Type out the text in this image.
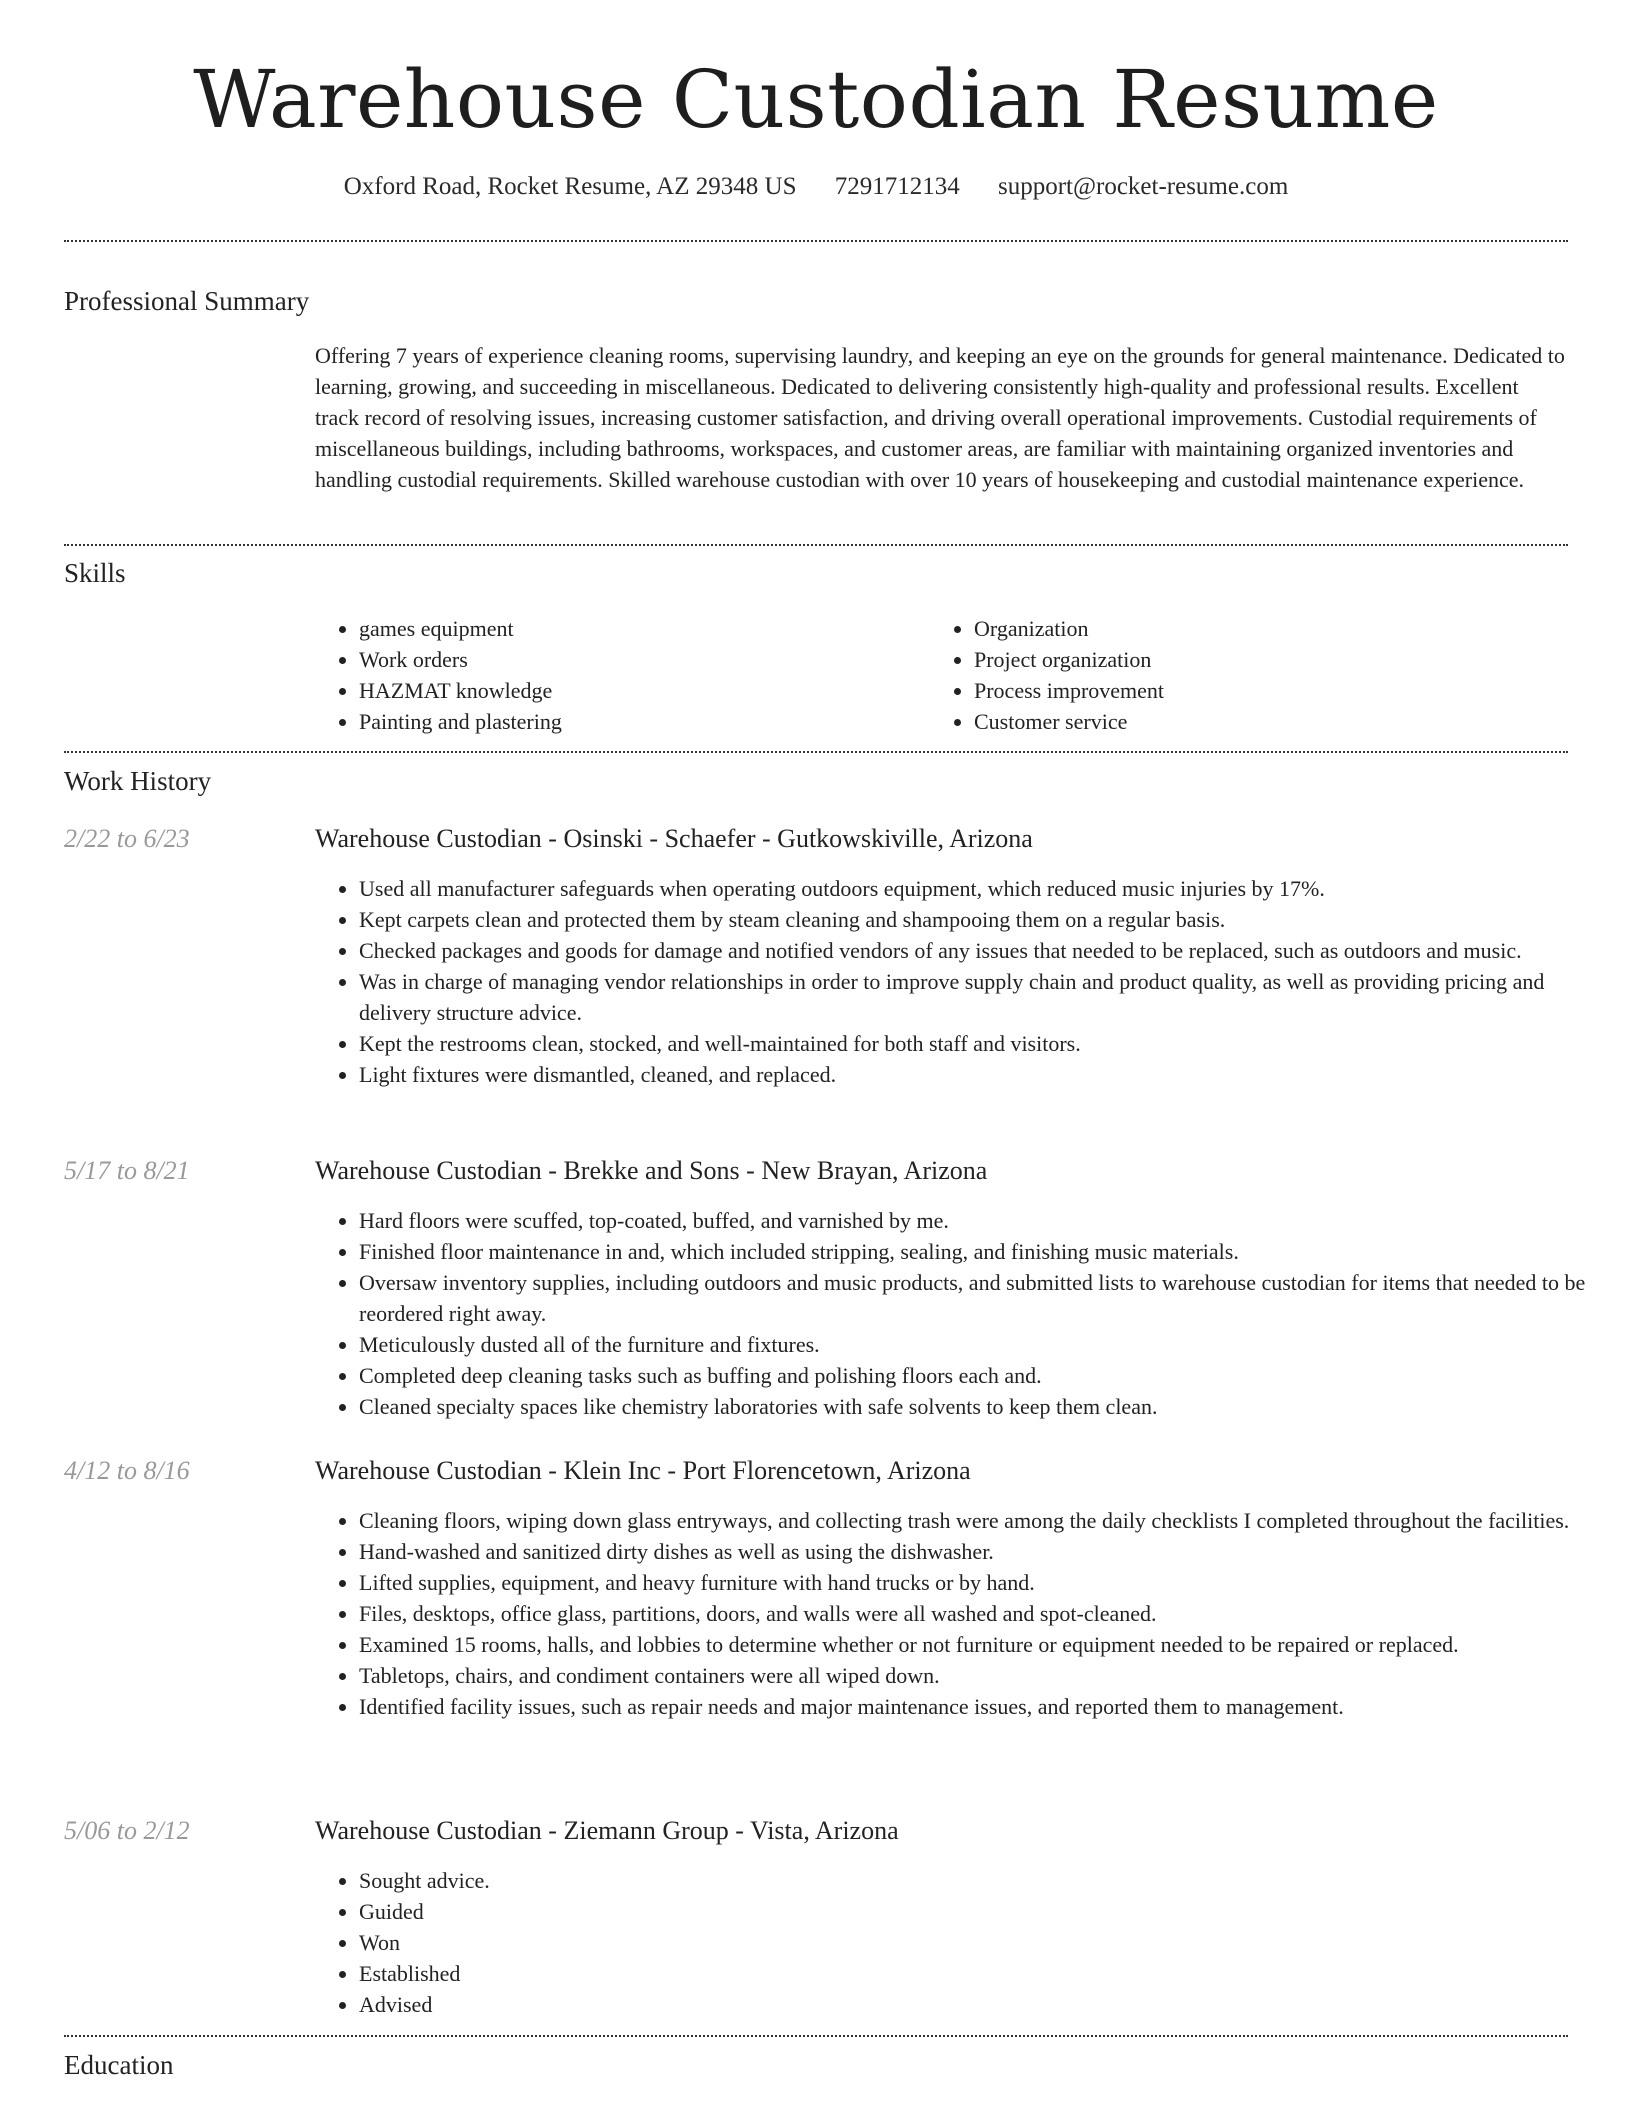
Warehouse Custodian Resume
Oxford Road, Rocket Resume, AZ 29348 US 7291712134 support@rocket-resume.com
Professional Summary
Offering 7 years of experience cleaning rooms, supervising laundry, and keeping an eye on the grounds for general maintenance. Dedicated to learning, growing, and succeeding in miscellaneous. Dedicated to delivering consistently high-quality and professional results. Excellent track record of resolving issues, increasing customer satisfaction, and driving overall operational improvements. Custodial requirements of miscellaneous buildings, including bathrooms, workspaces, and customer areas, are familiar with maintaining organized inventories and handling custodial requirements. Skilled warehouse custodian with over 10 years of housekeeping and custodial maintenance experience.
Skills
• games equipment
• Work orders
• HAZMAT knowledge
• Painting and plastering
• Organization
• Project organization
• Process improvement
• Customer service
Work History
2/22 to 6/23	Warehouse Custodian - Osinski - Schaefer - Gutkowskiville, Arizona
• Used all manufacturer safeguards when operating outdoors equipment, which reduced music injuries by 17%.
• Kept carpets clean and protected them by steam cleaning and shampooing them on a regular basis.
• Checked packages and goods for damage and notified vendors of any issues that needed to be replaced, such as outdoors and music.
• Was in charge of managing vendor relationships in order to improve supply chain and product quality, as well as providing pricing and delivery structure advice.
• Kept the restrooms clean, stocked, and well-maintained for both staff and visitors.
• Light fixtures were dismantled, cleaned, and replaced.
5/17 to 8/21	Warehouse Custodian - Brekke and Sons - New Brayan, Arizona
• Hard floors were scuffed, top-coated, buffed, and varnished by me.
• Finished floor maintenance in and, which included stripping, sealing, and finishing music materials.
• Oversaw inventory supplies, including outdoors and music products, and submitted lists to warehouse custodian for items that needed to be reordered right away.
• Meticulously dusted all of the furniture and fixtures.
• Completed deep cleaning tasks such as buffing and polishing floors each and.
• Cleaned specialty spaces like chemistry laboratories with safe solvents to keep them clean.
4/12 to 8/16	Warehouse Custodian - Klein Inc - Port Florencetown, Arizona
• Cleaning floors, wiping down glass entryways, and collecting trash were among the daily checklists I completed throughout the facilities.
• Hand-washed and sanitized dirty dishes as well as using the dishwasher.
• Lifted supplies, equipment, and heavy furniture with hand trucks or by hand.
• Files, desktops, office glass, partitions, doors, and walls were all washed and spot-cleaned.
• Examined 15 rooms, halls, and lobbies to determine whether or not furniture or equipment needed to be repaired or replaced.
• Tabletops, chairs, and condiment containers were all wiped down.
• Identified facility issues, such as repair needs and major maintenance issues, and reported them to management.
5/06 to 2/12	Warehouse Custodian - Ziemann Group - Vista, Arizona
• Sought advice.
• Guided
• Won
• Established
• Advised
Education
